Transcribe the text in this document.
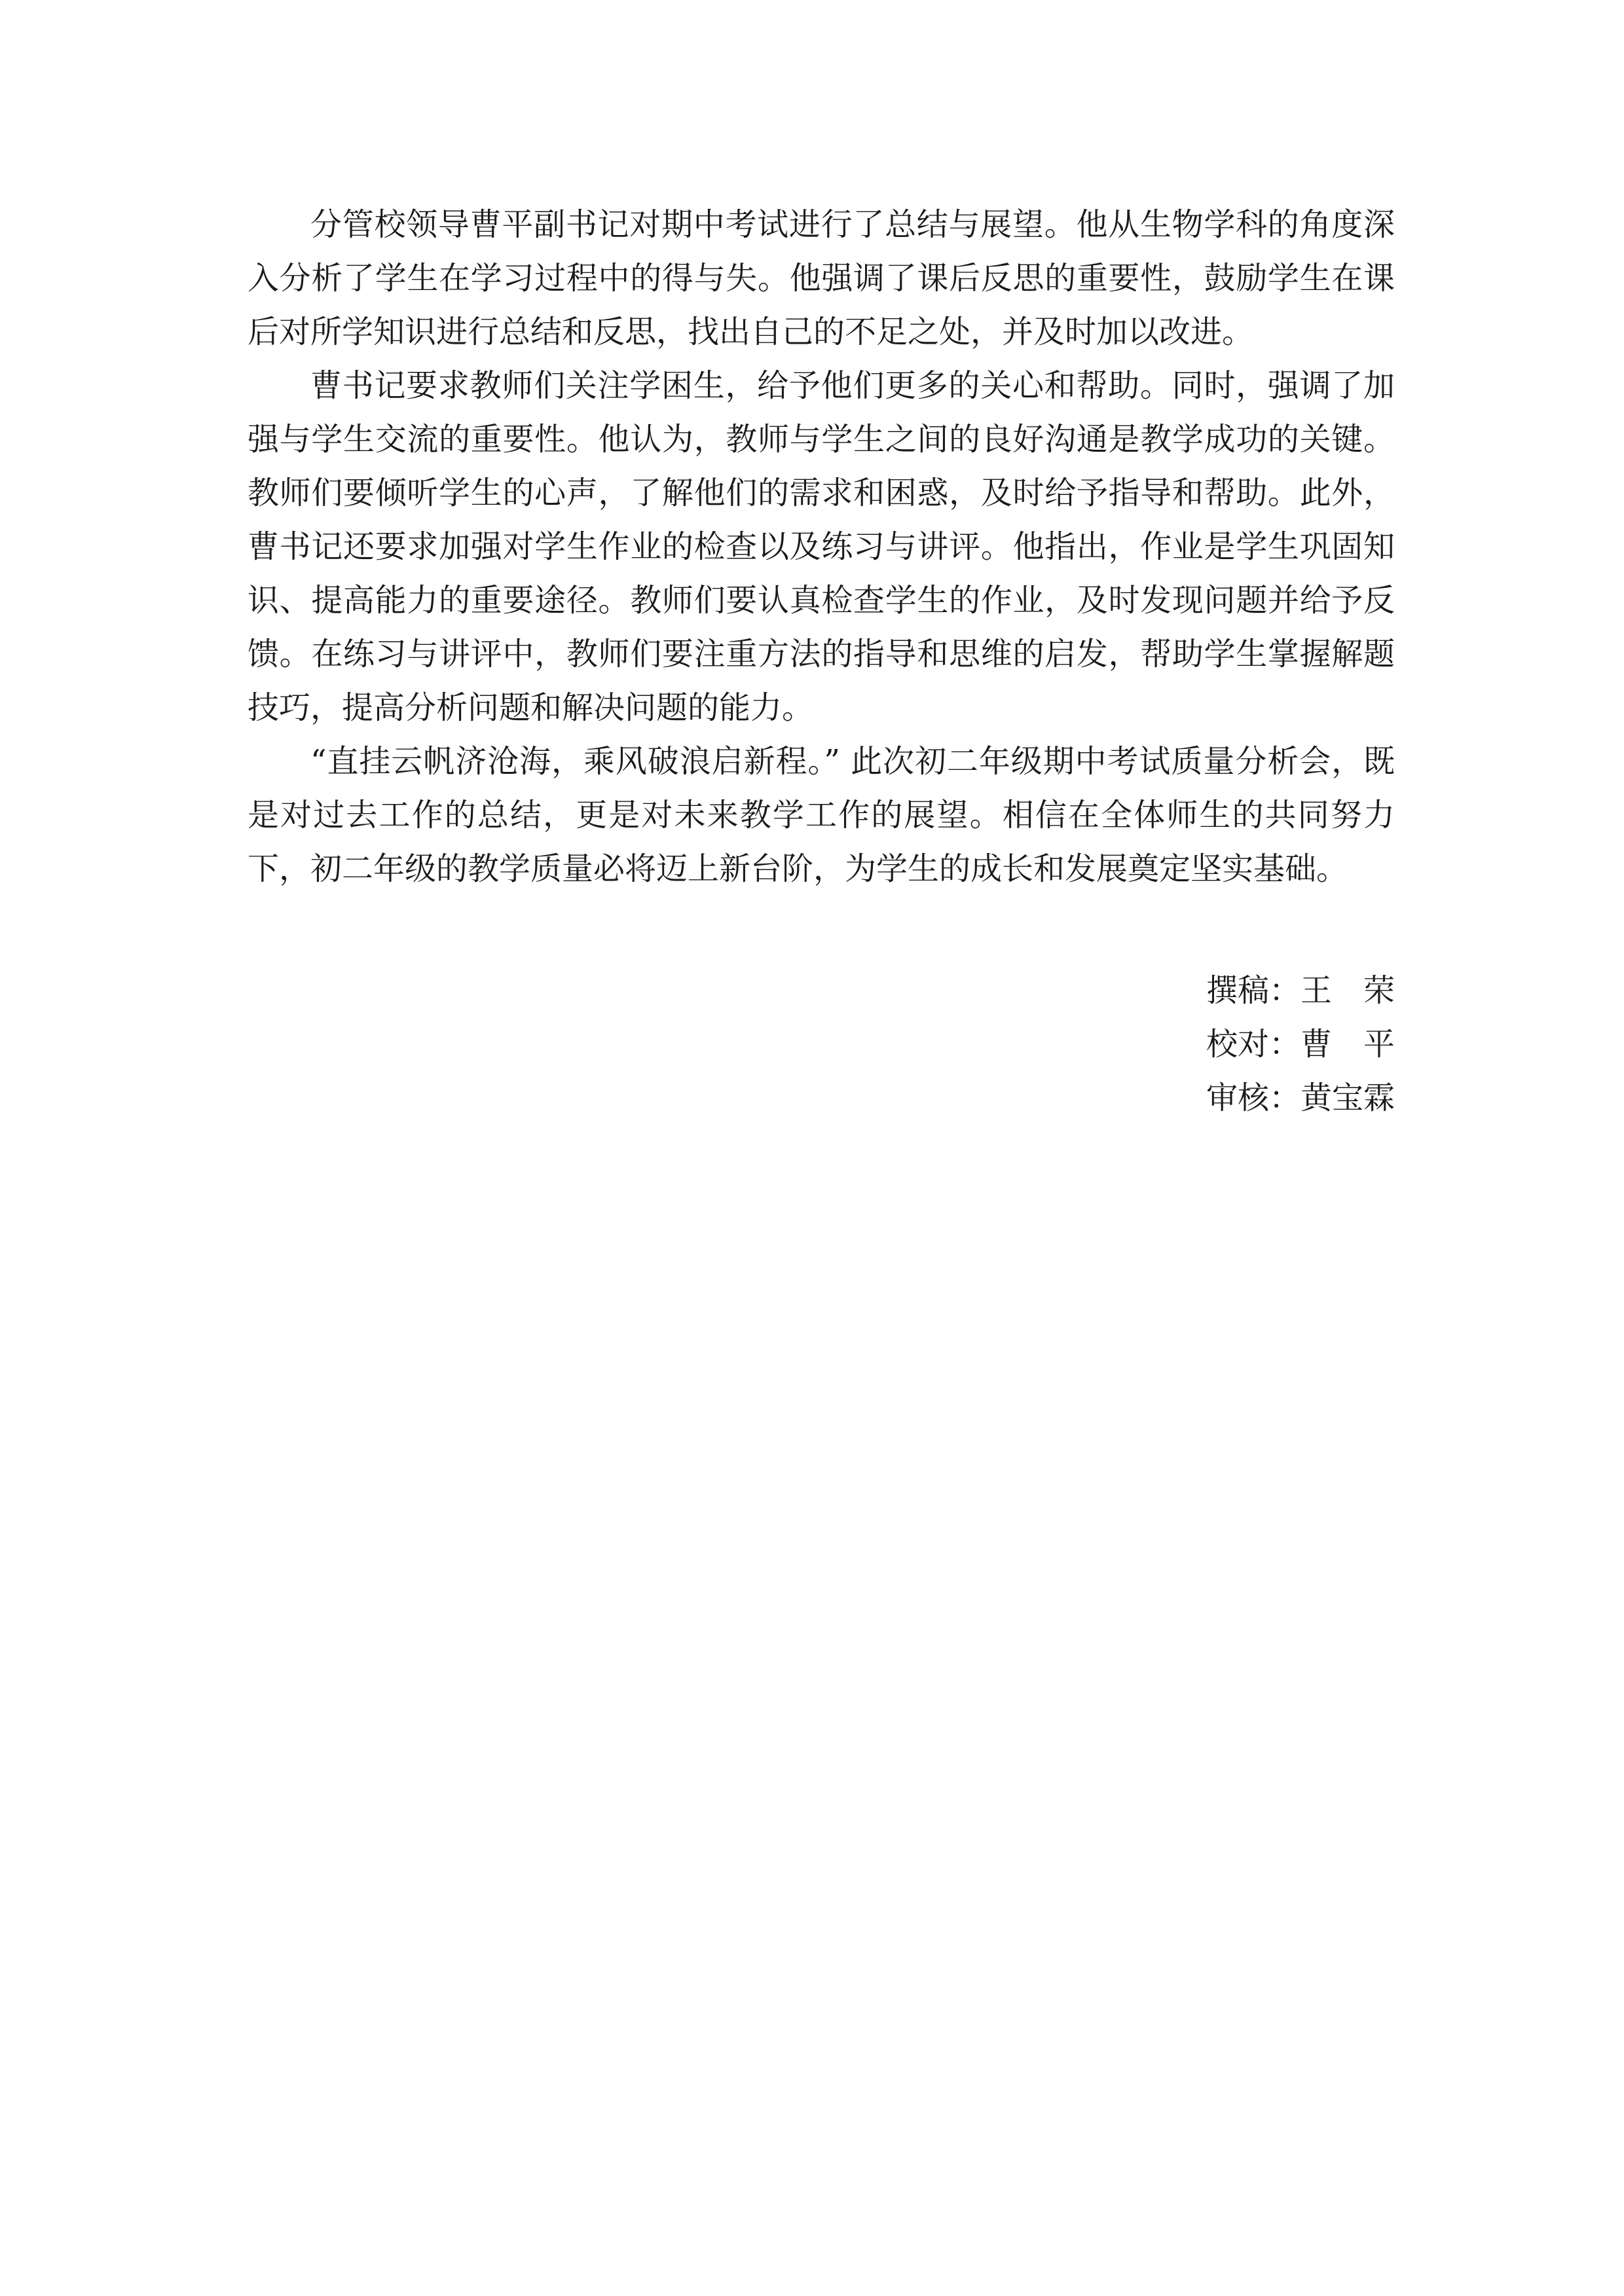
分管校领导曹平副书记对期中考试进行了总结与展望。他从生物学科的角度深入分析了学生在学习过程中的得与失。他强调了课后反思的重要性，鼓励学生在课后对所学知识进行总结和反思，找出自己的不足之处，并及时加以改进。

曹书记要求教师们关注学困生，给予他们更多的关心和帮助。同时，强调了加强与学生交流的重要性。他认为，教师与学生之间的良好沟通是教学成功的关键。教师们要倾听学生的心声，了解他们的需求和困惑，及时给予指导和帮助。此外，曹书记还要求加强对学生作业的检查以及练习与讲评。他指出，作业是学生巩固知识、提高能力的重要途径。教师们要认真检查学生的作业，及时发现问题并给予反馈。在练习与讲评中，教师们要注重方法的指导和思维的启发，帮助学生掌握解题技巧，提高分析问题和解决问题的能力。

“直挂云帆济沧海，乘风破浪启新程。” 此次初二年级期中考试质量分析会，既是对过去工作的总结，更是对未来教学工作的展望。相信在全体师生的共同努力下，初二年级的教学质量必将迈上新台阶，为学生的成长和发展奠定坚实基础。

撰稿：王　荣
校对：曹　平
审核：黄宝霖
